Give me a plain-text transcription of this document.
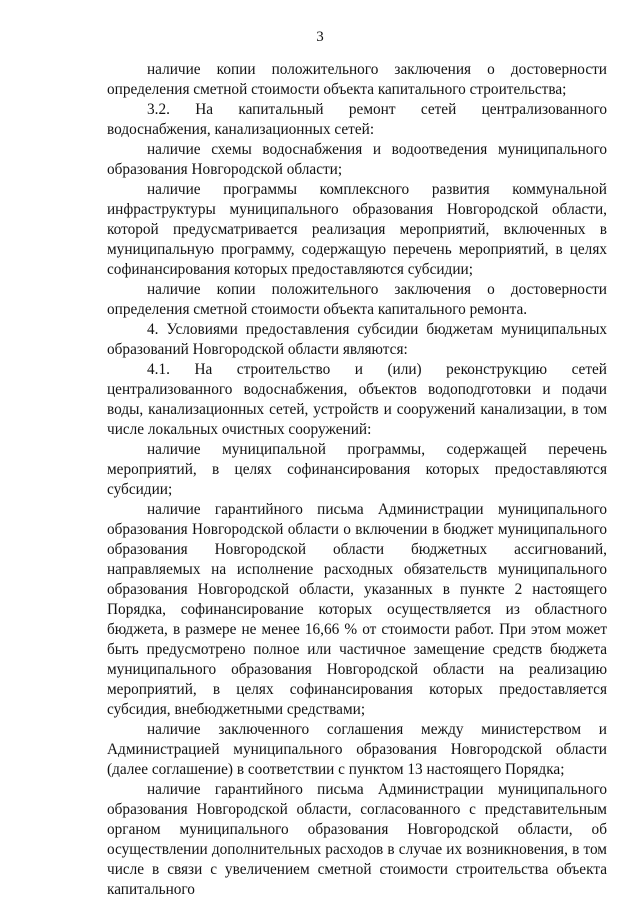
3

наличие копии положительного заключения о достоверности определения сметной стоимости объекта капитального строительства;

3.2. На капитальный ремонт сетей централизованного водоснабжения, канализационных сетей:

наличие схемы водоснабжения и водоотведения муниципального образования Новгородской области;

наличие программы комплексного развития коммунальной инфраструктуры муниципального образования Новгородской области, которой предусматривается реализация мероприятий, включенных в муниципальную программу, содержащую перечень мероприятий, в целях софинансирования которых предоставляются субсидии;

наличие копии положительного заключения о достоверности определения сметной стоимости объекта капитального ремонта.

4. Условиями предоставления субсидии бюджетам муниципальных образований Новгородской области являются:

4.1. На строительство и (или) реконструкцию сетей централизованного водоснабжения, объектов водоподготовки и подачи воды, канализационных сетей, устройств и сооружений канализации, в том числе локальных очистных сооружений:

наличие муниципальной программы, содержащей перечень мероприятий, в целях софинансирования которых предоставляются субсидии;

наличие гарантийного письма Администрации муниципального образования Новгородской области о включении в бюджет муниципального образования Новгородской области бюджетных ассигнований, направляемых на исполнение расходных обязательств муниципального образования Новгородской области, указанных в пункте 2 настоящего Порядка, софинансирование которых осуществляется из областного бюджета, в размере не менее 16,66 % от стоимости работ. При этом может быть предусмотрено полное или частичное замещение средств бюджета муниципального образования Новгородской области на реализацию мероприятий, в целях софинансирования которых предоставляется субсидия, внебюджетными средствами;

наличие заключенного соглашения между министерством и Администрацией муниципального образования Новгородской области (далее соглашение) в соответствии с пунктом 13 настоящего Порядка;

наличие гарантийного письма Администрации муниципального образования Новгородской области, согласованного с представительным органом муниципального образования Новгородской области, об осуществлении дополнительных расходов в случае их возникновения, в том числе в связи с увеличением сметной стоимости строительства объекта капитального
